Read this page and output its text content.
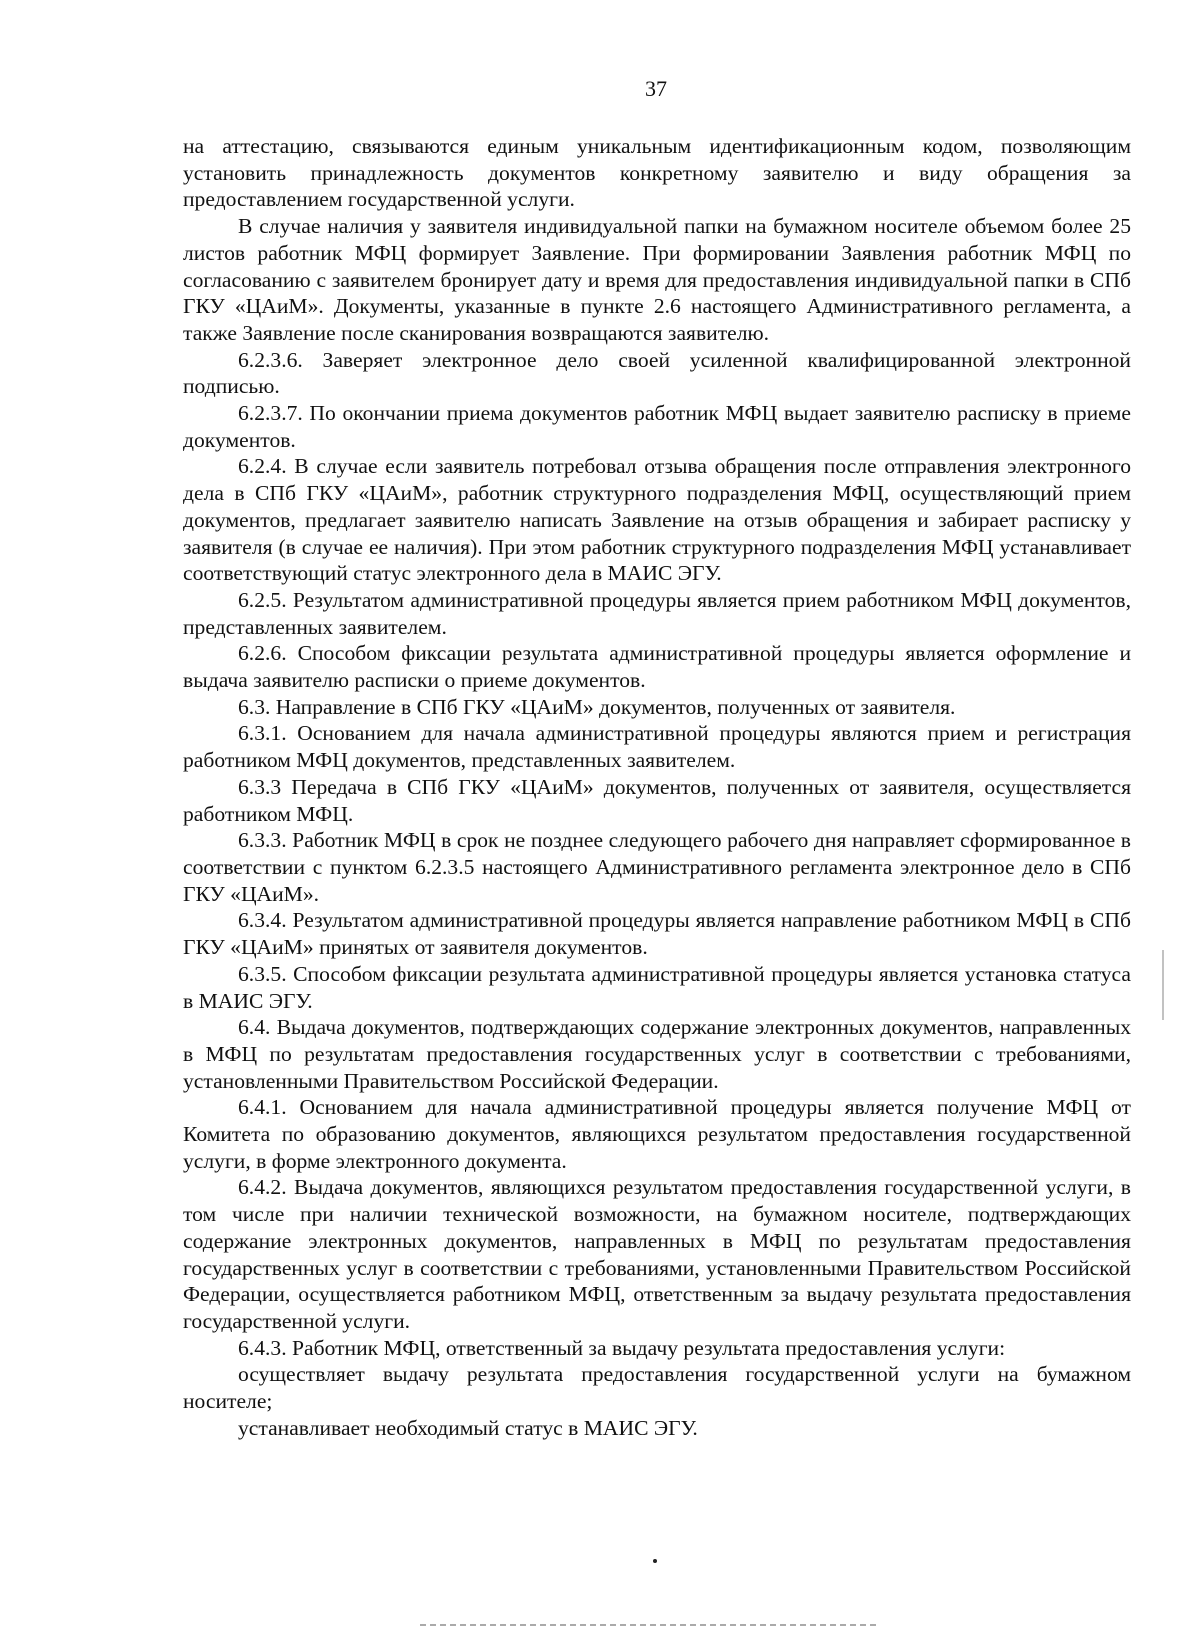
37

на аттестацию, связываются единым уникальным идентификационным кодом, позволяющим установить принадлежность документов конкретному заявителю и виду обращения за предоставлением государственной услуги.

В случае наличия у заявителя индивидуальной папки на бумажном носителе объемом более 25 листов работник МФЦ формирует Заявление. При формировании Заявления работник МФЦ по согласованию с заявителем бронирует дату и время для предоставления индивидуальной папки в СПб ГКУ «ЦАиМ». Документы, указанные в пункте 2.6 настоящего Административного регламента, а также Заявление после сканирования возвращаются заявителю.

6.2.3.6. Заверяет электронное дело своей усиленной квалифицированной электронной подписью.

6.2.3.7. По окончании приема документов работник МФЦ выдает заявителю расписку в приеме документов.

6.2.4. В случае если заявитель потребовал отзыва обращения после отправления электронного дела в СПб ГКУ «ЦАиМ», работник структурного подразделения МФЦ, осуществляющий прием документов, предлагает заявителю написать Заявление на отзыв обращения и забирает расписку у заявителя (в случае ее наличия). При этом работник структурного подразделения МФЦ устанавливает соответствующий статус электронного дела в МАИС ЭГУ.

6.2.5. Результатом административной процедуры является прием работником МФЦ документов, представленных заявителем.

6.2.6. Способом фиксации результата административной процедуры является оформление и выдача заявителю расписки о приеме документов.

6.3. Направление в СПб ГКУ «ЦАиМ» документов, полученных от заявителя.

6.3.1. Основанием для начала административной процедуры являются прием и регистрация работником МФЦ документов, представленных заявителем.

6.3.3 Передача в СПб ГКУ «ЦАиМ» документов, полученных от заявителя, осуществляется работником МФЦ.

6.3.3. Работник МФЦ в срок не позднее следующего рабочего дня направляет сформированное в соответствии с пунктом 6.2.3.5 настоящего Административного регламента электронное дело в СПб ГКУ «ЦАиМ».

6.3.4. Результатом административной процедуры является направление работником МФЦ в СПб ГКУ «ЦАиМ» принятых от заявителя документов.

6.3.5. Способом фиксации результата административной процедуры является установка статуса в МАИС ЭГУ.

6.4. Выдача документов, подтверждающих содержание электронных документов, направленных в МФЦ по результатам предоставления государственных услуг в соответствии с требованиями, установленными Правительством Российской Федерации.

6.4.1. Основанием для начала административной процедуры является получение МФЦ от Комитета по образованию документов, являющихся результатом предоставления государственной услуги, в форме электронного документа.

6.4.2. Выдача документов, являющихся результатом предоставления государственной услуги, в том числе при наличии технической возможности, на бумажном носителе, подтверждающих содержание электронных документов, направленных в МФЦ по результатам предоставления государственных услуг в соответствии с требованиями, установленными Правительством Российской Федерации, осуществляется работником МФЦ, ответственным за выдачу результата предоставления государственной услуги.

6.4.3. Работник МФЦ, ответственный за выдачу результата предоставления услуги:

осуществляет выдачу результата предоставления государственной услуги на бумажном носителе;

устанавливает необходимый статус в МАИС ЭГУ.
